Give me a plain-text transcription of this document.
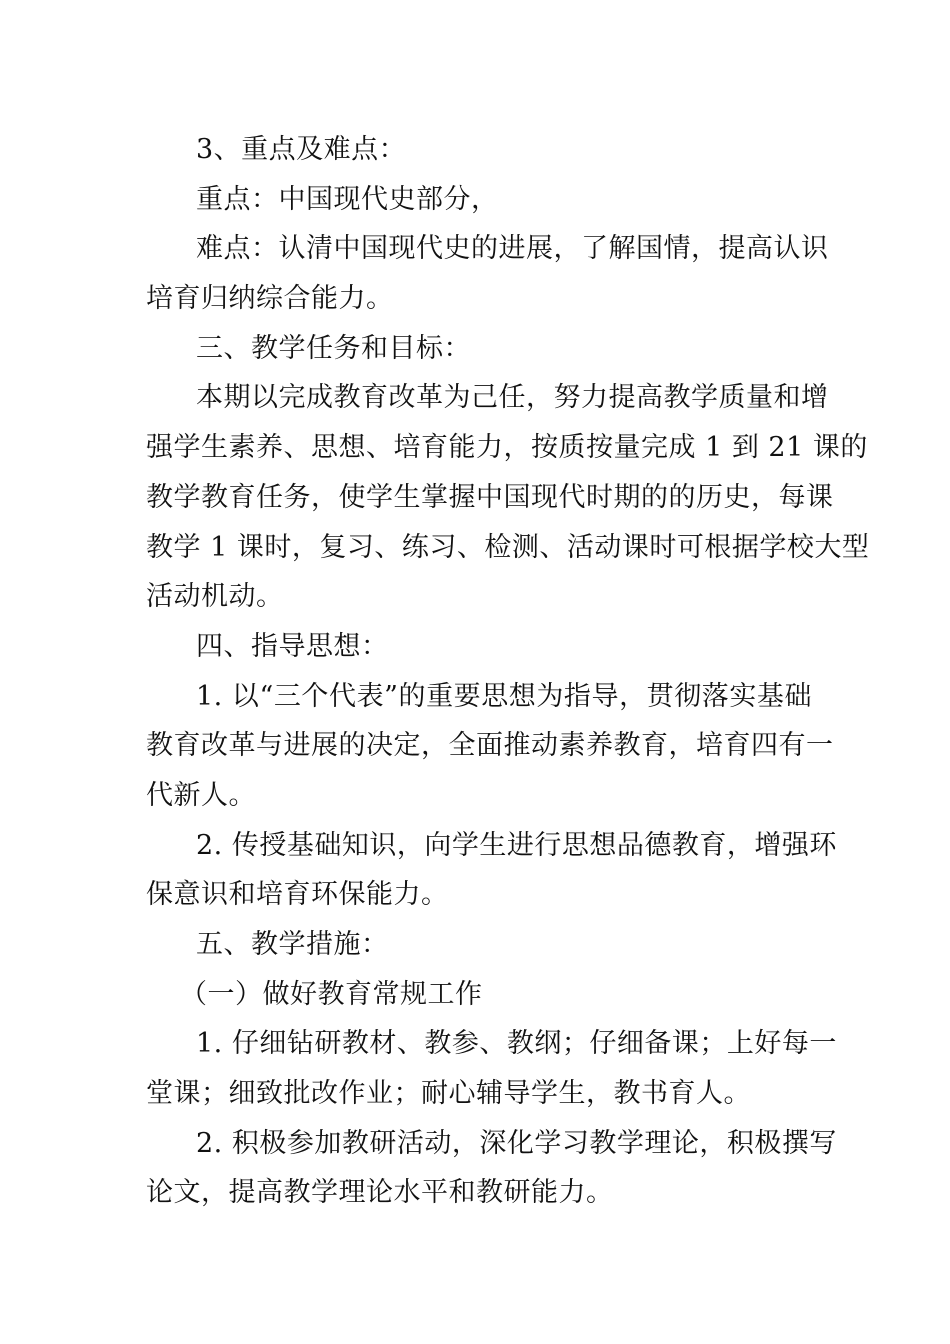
3、重点及难点：
重点：中国现代史部分，
难点：认清中国现代史的进展，了解国情，提高认识
培育归纳综合能力。
三、教学任务和目标：
本期以完成教育改革为己任，努力提高教学质量和增
强学生素养、思想、培育能力，按质按量完成 1 到 21 课的
教学教育任务，使学生掌握中国现代时期的的历史，每课
教学 1 课时，复习、练习、检测、活动课时可根据学校大型
活动机动。
四、指导思想：
1. 以“三个代表”的重要思想为指导，贯彻落实基础
教育改革与进展的决定，全面推动素养教育，培育四有一
代新人。
2. 传授基础知识，向学生进行思想品德教育，增强环
保意识和培育环保能力。
五、教学措施：
（一）做好教育常规工作
1. 仔细钻研教材、教参、教纲；仔细备课；上好每一
堂课；细致批改作业；耐心辅导学生，教书育人。
2. 积极参加教研活动，深化学习教学理论，积极撰写
论文，提高教学理论水平和教研能力。
